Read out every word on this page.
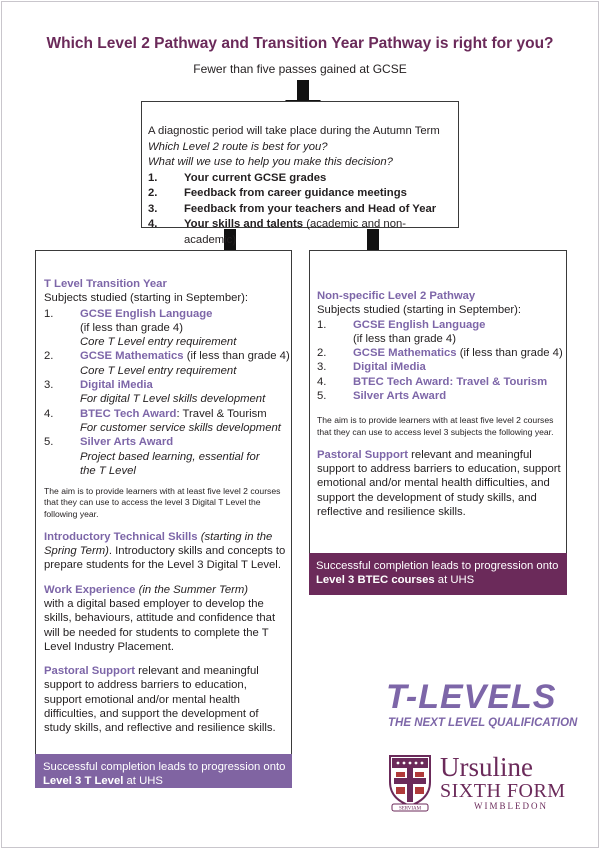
Which Level 2 Pathway and Transition Year Pathway is right for you?
Fewer than five passes gained at GCSE
A diagnostic period will take place during the Autumn Term
Which Level 2 route is best for you?
What will we use to help you make this decision?
1.	Your current GCSE grades
2.	Feedback from career guidance meetings
3.	Feedback from your teachers and Head of Year
4.	Your skills and talents (academic and non-academic)
T Level Transition Year
Subjects studied (starting in September):
1.	GCSE English Language
(if less than grade 4)
Core T Level entry requirement
2.	GCSE Mathematics (if less than grade 4)
Core T Level entry requirement
3.	Digital iMedia
For digital T Level skills development
4.	BTEC Tech Award: Travel & Tourism
For customer service skills development
5.	Silver Arts Award
Project based learning, essential for the T Level
The aim is to provide learners with at least five level 2 courses that they can use to access the level 3 Digital T Level the following year.
Introductory Technical Skills (starting in the Spring Term). Introductory skills and concepts to prepare students for the Level 3 Digital T Level.
Work Experience (in the Summer Term)
with a digital based employer to develop the skills, behaviours, attitude and confidence that will be needed for students to complete the T Level Industry Placement.
Pastoral Support relevant and meaningful support to address barriers to education, support emotional and/or mental health difficulties, and support the development of study skills, and reflective and resilience skills.
Successful completion leads to progression onto Level 3 T Level at UHS
Non-specific Level 2 Pathway
Subjects studied (starting in September):
1.	GCSE English Language
(if less than grade 4)
2.	GCSE Mathematics (if less than grade 4)
3.	Digital iMedia
4.	BTEC Tech Award: Travel & Tourism
5.	Silver Arts Award
The aim is to provide learners with at least five level 2 courses that they can use to access level 3 subjects the following year.
Pastoral Support relevant and meaningful support to address barriers to education, support emotional and/or mental health difficulties, and support the development of study skills, and reflective and resilience skills.
Successful completion leads to progression onto Level 3 BTEC courses at UHS
T-LEVELS
THE NEXT LEVEL QUALIFICATION
SERVIAM
Ursuline
SIXTH FORM
WIMBLEDON
